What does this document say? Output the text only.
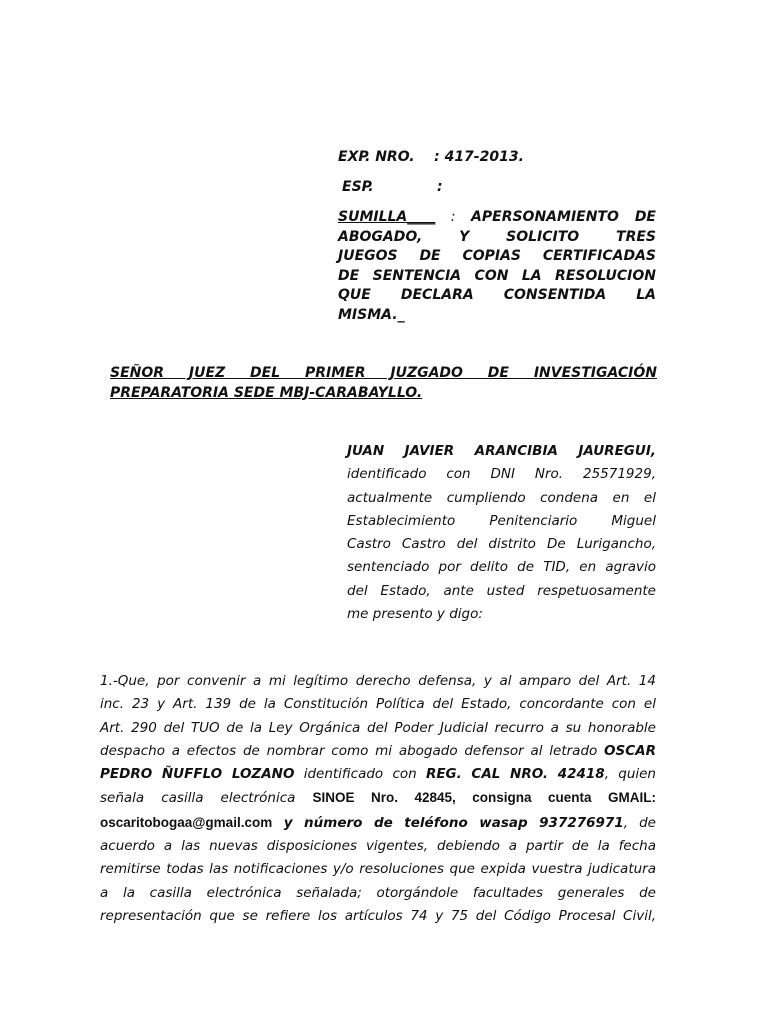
EXP. NRO.    : 417-2013.
ESP.             :
SUMILLA____ : APERSONAMIENTO DE
ABOGADO, Y SOLICITO TRES
JUEGOS DE COPIAS CERTIFICADAS
DE SENTENCIA CON LA RESOLUCION
QUE DECLARA CONSENTIDA LA
MISMA._
SEÑOR JUEZ DEL PRIMER JUZGADO DE INVESTIGACIÓN
PREPARATORIA SEDE MBJ-CARABAYLLO.
JUAN JAVIER ARANCIBIA JAUREGUI,
identificado con DNI Nro. 25571929,
actualmente cumpliendo condena en el
Establecimiento Penitenciario Miguel
Castro Castro del distrito De Lurigancho,
sentenciado por delito de TID, en agravio
del Estado, ante usted respetuosamente
me presento y digo:
1.-Que, por convenir a mi legítimo derecho defensa, y al amparo del Art. 14
inc. 23 y Art. 139 de la Constitución Política del Estado, concordante con el
Art. 290 del TUO de la Ley Orgánica del Poder Judicial recurro a su honorable
despacho a efectos de nombrar como mi abogado defensor al letrado OSCAR
PEDRO ÑUFFLO LOZANO identificado con REG. CAL NRO. 42418, quien
señala casilla electrónica SINOE Nro. 42845, consigna cuenta GMAIL:
oscaritobogaa@gmail.com y número de teléfono wasap 937276971, de
acuerdo a las nuevas disposiciones vigentes, debiendo a partir de la fecha
remitirse todas las notificaciones y/o resoluciones que expida vuestra judicatura
a la casilla electrónica señalada; otorgándole facultades generales de
representación que se refiere los artículos 74 y 75 del Código Procesal Civil,
